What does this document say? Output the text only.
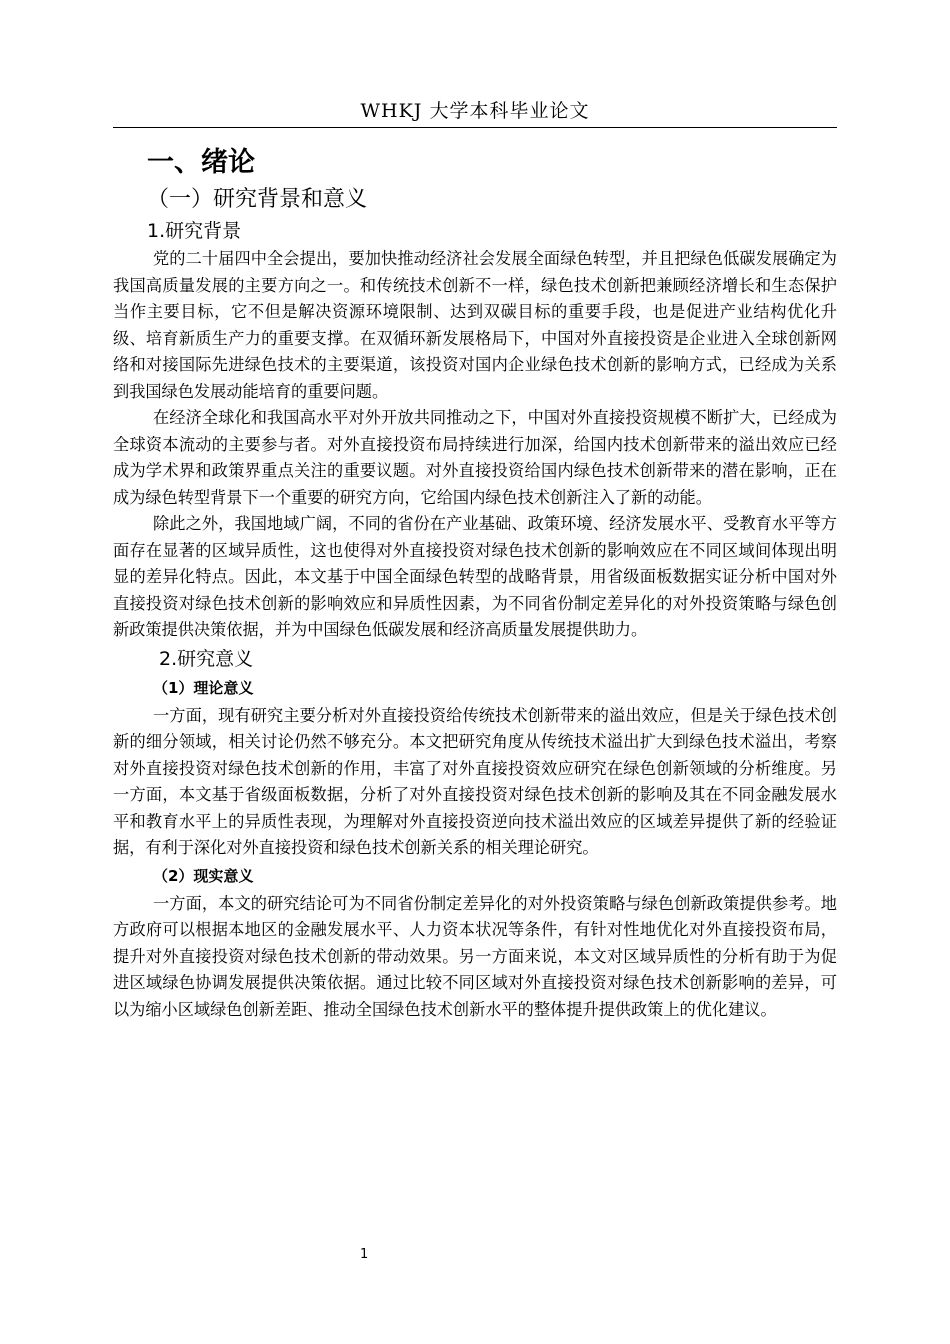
WHKJ 大学本科毕业论文
一、绪论
（一）研究背景和意义
1.研究背景

党的二十届四中全会提出，要加快推动经济社会发展全面绿色转型，并且把绿色低碳发展确定为我国高质量发展的主要方向之一。和传统技术创新不一样，绿色技术创新把兼顾经济增长和生态保护当作主要目标，它不但是解决资源环境限制、达到双碳目标的重要手段，也是促进产业结构优化升级、培育新质生产力的重要支撑。在双循环新发展格局下，中国对外直接投资是企业进入全球创新网络和对接国际先进绿色技术的主要渠道，该投资对国内企业绿色技术创新的影响方式，已经成为关系到我国绿色发展动能培育的重要问题。

在经济全球化和我国高水平对外开放共同推动之下，中国对外直接投资规模不断扩大，已经成为全球资本流动的主要参与者。对外直接投资布局持续进行加深，给国内技术创新带来的溢出效应已经成为学术界和政策界重点关注的重要议题。对外直接投资给国内绿色技术创新带来的潜在影响，正在成为绿色转型背景下一个重要的研究方向，它给国内绿色技术创新注入了新的动能。

除此之外，我国地域广阔，不同的省份在产业基础、政策环境、经济发展水平、受教育水平等方面存在显著的区域异质性，这也使得对外直接投资对绿色技术创新的影响效应在不同区域间体现出明显的差异化特点。因此，本文基于中国全面绿色转型的战略背景，用省级面板数据实证分析中国对外直接投资对绿色技术创新的影响效应和异质性因素，为不同省份制定差异化的对外投资策略与绿色创新政策提供决策依据，并为中国绿色低碳发展和经济高质量发展提供助力。

2.研究意义
（1）理论意义

一方面，现有研究主要分析对外直接投资给传统技术创新带来的溢出效应，但是关于绿色技术创新的细分领域，相关讨论仍然不够充分。本文把研究角度从传统技术溢出扩大到绿色技术溢出，考察对外直接投资对绿色技术创新的作用，丰富了对外直接投资效应研究在绿色创新领域的分析维度。另一方面，本文基于省级面板数据，分析了对外直接投资对绿色技术创新的影响及其在不同金融发展水平和教育水平上的异质性表现，为理解对外直接投资逆向技术溢出效应的区域差异提供了新的经验证据，有利于深化对外直接投资和绿色技术创新关系的相关理论研究。

（2）现实意义

一方面，本文的研究结论可为不同省份制定差异化的对外投资策略与绿色创新政策提供参考。地方政府可以根据本地区的金融发展水平、人力资本状况等条件，有针对性地优化对外直接投资布局，提升对外直接投资对绿色技术创新的带动效果。另一方面来说，本文对区域异质性的分析有助于为促进区域绿色协调发展提供决策依据。通过比较不同区域对外直接投资对绿色技术创新影响的差异，可以为缩小区域绿色创新差距、推动全国绿色技术创新水平的整体提升提供政策上的优化建议。

1
